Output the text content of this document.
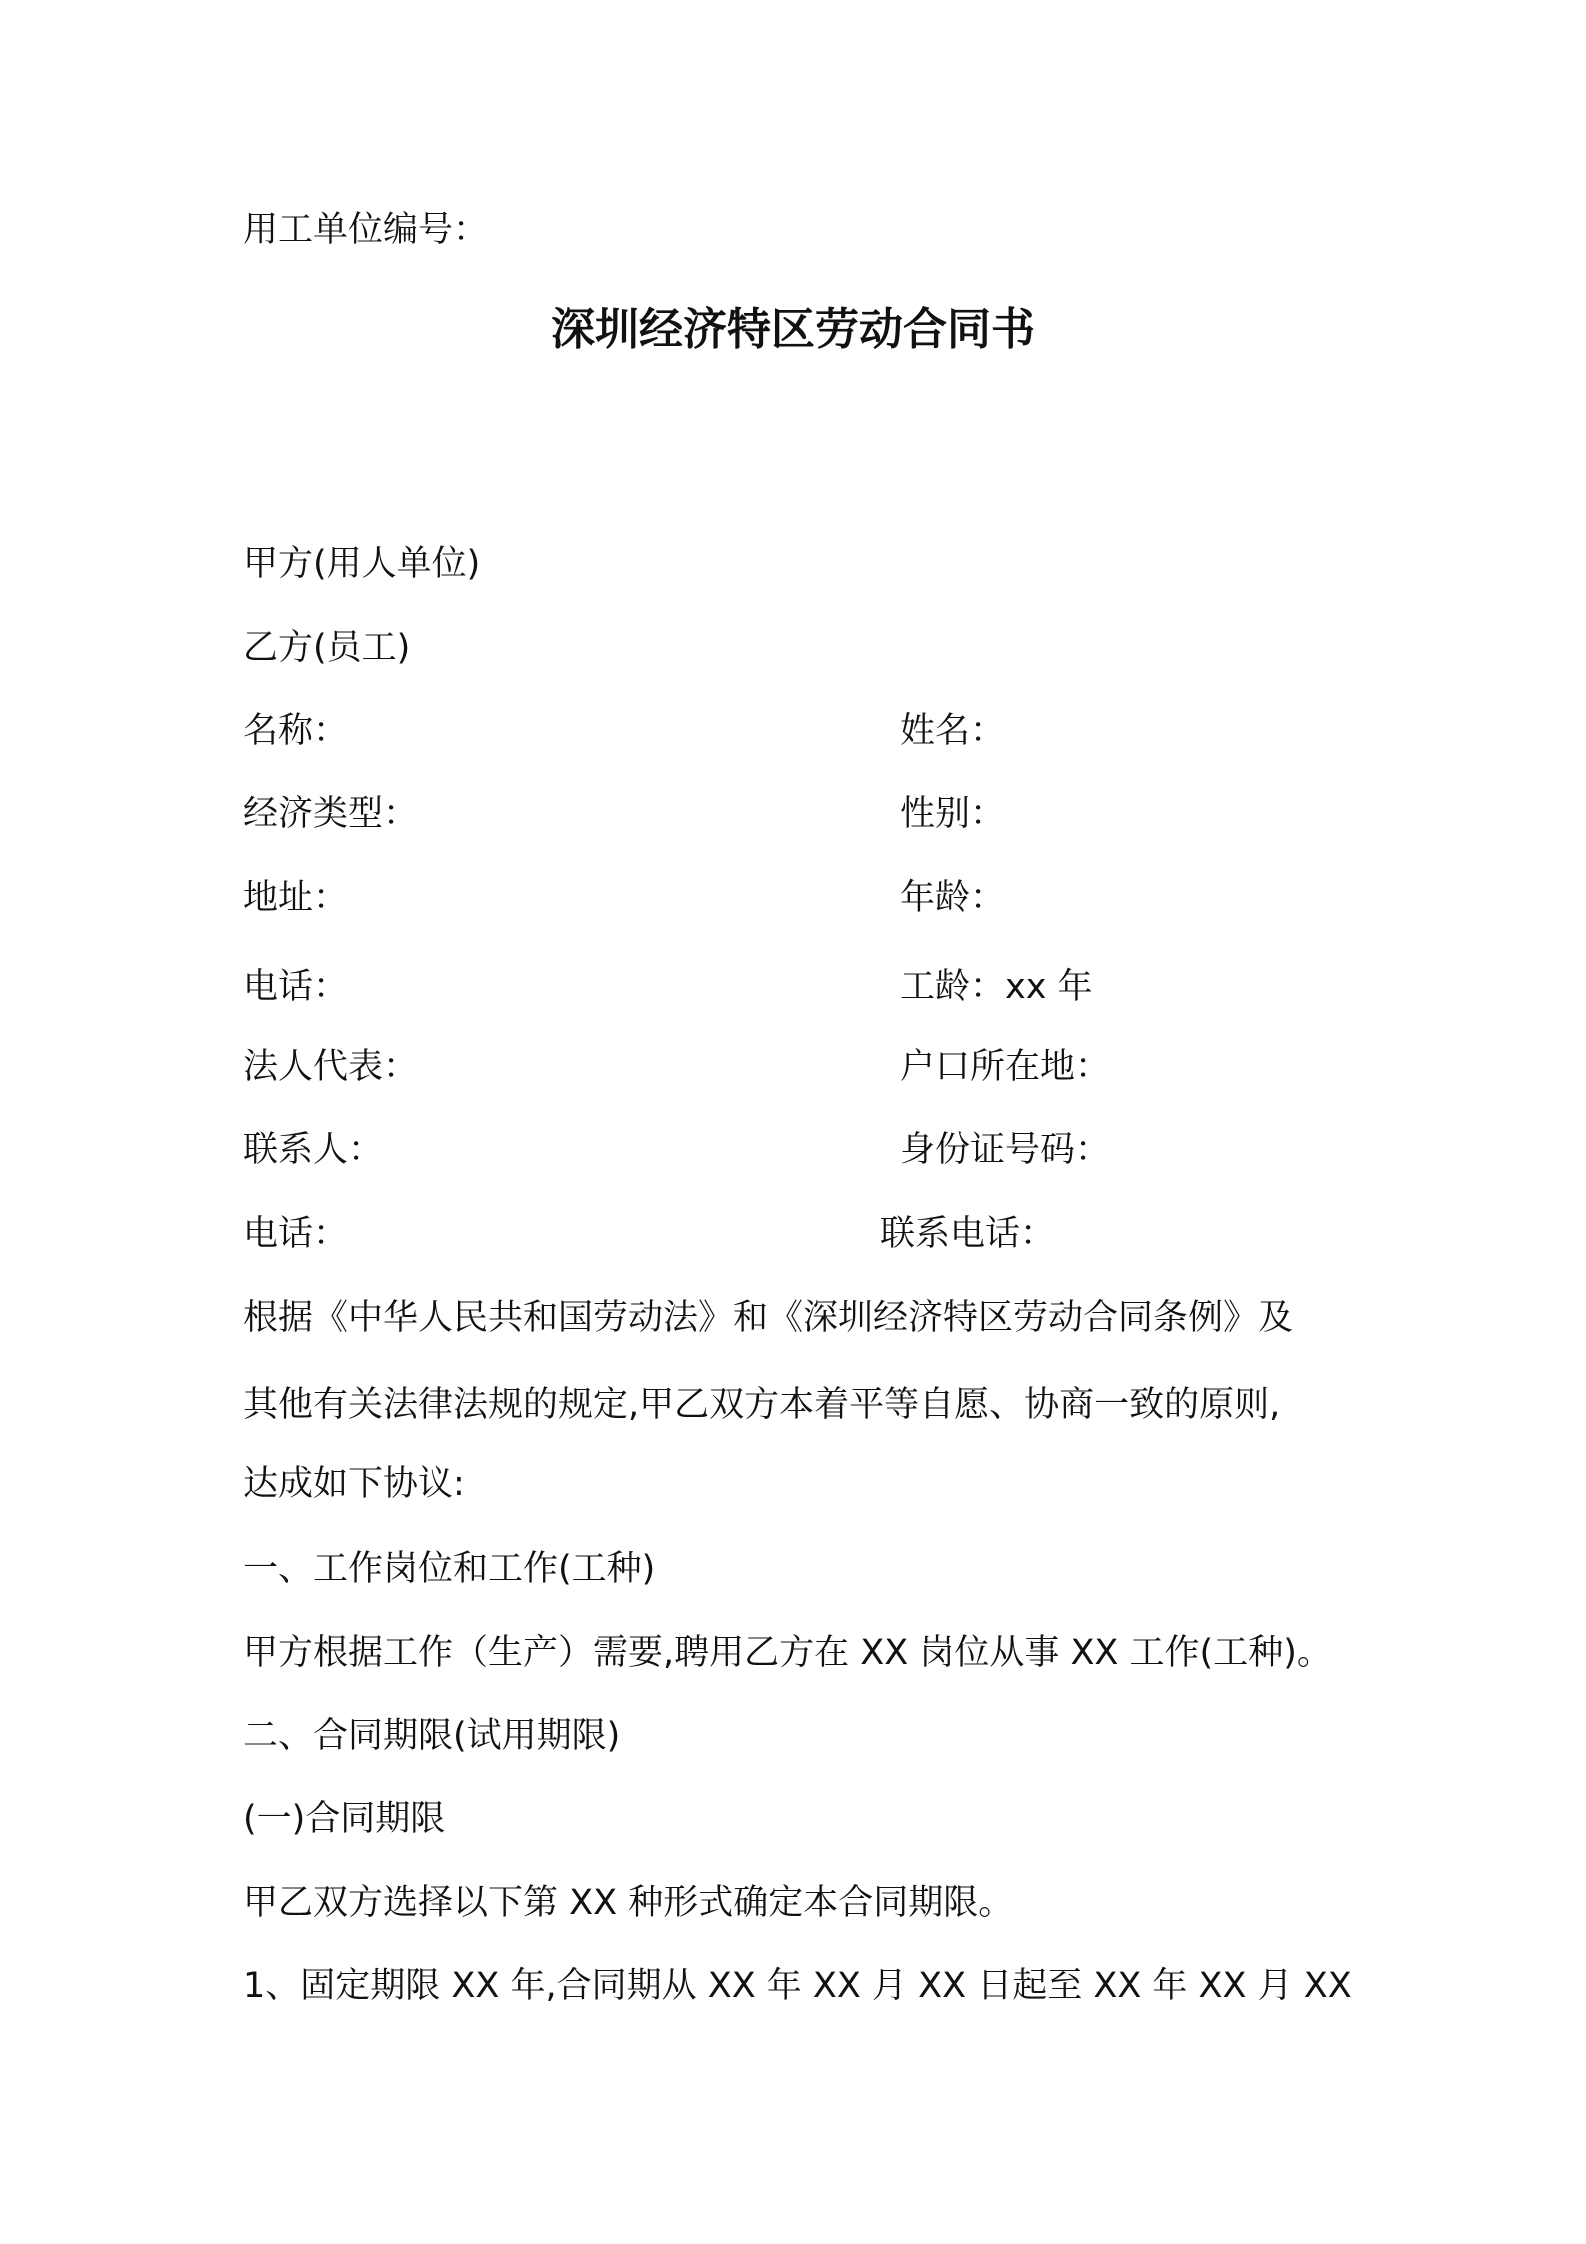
用工单位编号：

深圳经济特区劳动合同书

甲方(用人单位)

乙方(员工)

名称：

经济类型：

地址：

电话：

法人代表：

联系人：

电话：

姓名：
性别：
年龄：
工龄：xx 年
户口所在地：
身份证号码：
联系电话：

根据《中华人民共和国劳动法》和《深圳经济特区劳动合同条例》及

其他有关法律法规的规定,甲乙双方本着平等自愿、协商一致的原则,

达成如下协议:

一、工作岗位和工作(工种)

甲方根据工作（生产）需要,聘用乙方在 XX 岗位从事 XX 工作(工种)。

二、合同期限(试用期限)

(一)合同期限

甲乙双方选择以下第 XX 种形式确定本合同期限。

1、固定期限 XX 年,合同期从 XX 年 XX 月 XX 日起至 XX 年 XX 月 XX
